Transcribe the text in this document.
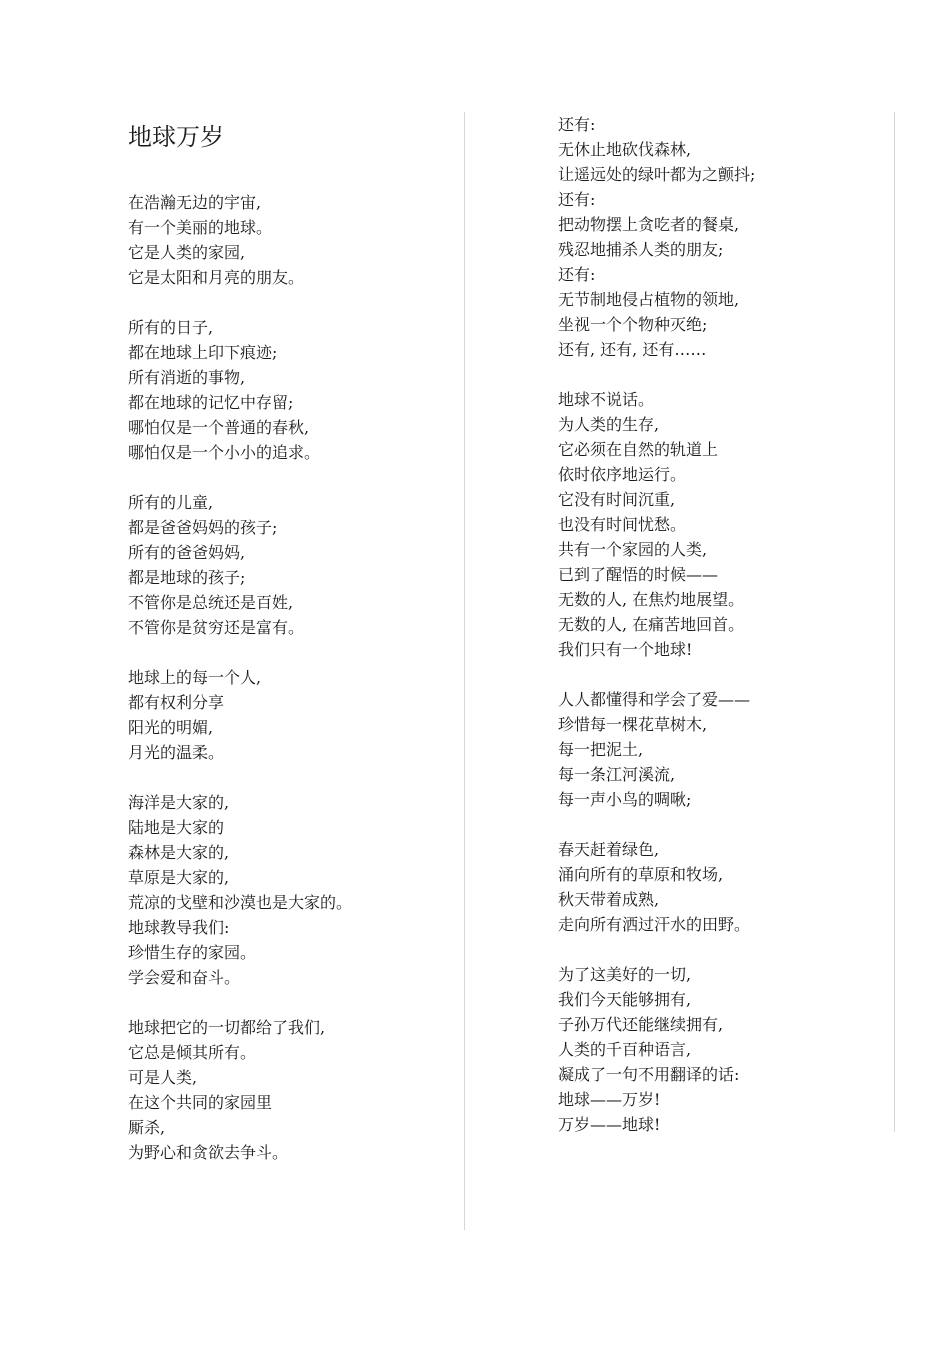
地球万岁
在浩瀚无边的宇宙,
有一个美丽的地球。
它是人类的家园,
它是太阳和月亮的朋友。
所有的日子,
都在地球上印下痕迹;
所有消逝的事物,
都在地球的记忆中存留;
哪怕仅是一个普通的春秋,
哪怕仅是一个小小的追求。
所有的儿童,
都是爸爸妈妈的孩子;
所有的爸爸妈妈,
都是地球的孩子;
不管你是总统还是百姓,
不管你是贫穷还是富有。
地球上的每一个人,
都有权利分享
阳光的明媚,
月光的温柔。
海洋是大家的,
陆地是大家的
森林是大家的,
草原是大家的,
荒凉的戈壁和沙漠也是大家的。
地球教导我们:
珍惜生存的家园。
学会爱和奋斗。
地球把它的一切都给了我们,
它总是倾其所有。
可是人类,
在这个共同的家园里
厮杀,
为野心和贪欲去争斗。
还有:
无休止地砍伐森林,
让遥远处的绿叶都为之颤抖;
还有:
把动物摆上贪吃者的餐桌,
残忍地捕杀人类的朋友;
还有:
无节制地侵占植物的领地,
坐视一个个物种灭绝;
还有, 还有, 还有……
地球不说话。
为人类的生存,
它必须在自然的轨道上
依时依序地运行。
它没有时间沉重,
也没有时间忧愁。
共有一个家园的人类,
已到了醒悟的时候——
无数的人, 在焦灼地展望。
无数的人, 在痛苦地回首。
我们只有一个地球!
人人都懂得和学会了爱——
珍惜每一棵花草树木,
每一把泥土,
每一条江河溪流,
每一声小鸟的啁啾;
春天赶着绿色,
涌向所有的草原和牧场,
秋天带着成熟,
走向所有洒过汗水的田野。
为了这美好的一切,
我们今天能够拥有,
子孙万代还能继续拥有,
人类的千百种语言,
凝成了一句不用翻译的话:
地球——万岁!
万岁——地球!
